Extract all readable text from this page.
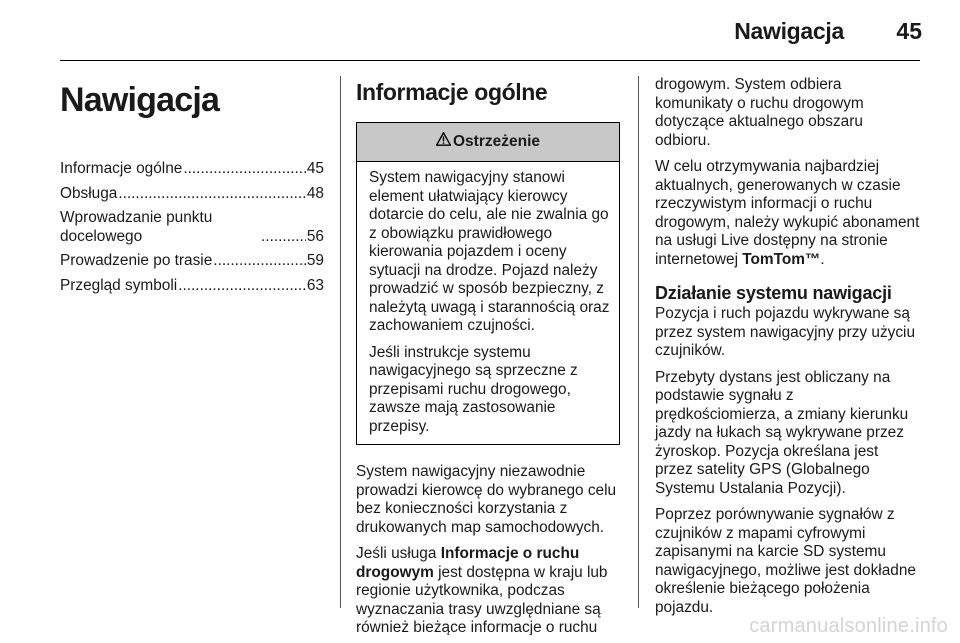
Nawigacja 45
Nawigacja
Informacje ogólne .....	45
Obsługa .....	48
Wprowadzanie punktu docelowego .....	56
Prowadzenie po trasie .....	59
Przegląd symboli .....	63
Informacje ogólne
Ostrzeżenie

System nawigacyjny stanowi element ułatwiający kierowcy dotarcie do celu, ale nie zwalnia go z obowiązku prawidłowego kierowania pojazdem i oceny sytuacji na drodze. Pojazd należy prowadzić w sposób bezpieczny, z należytą uwagą i starannością oraz zachowaniem czujności.

Jeśli instrukcje systemu nawigacyjnego są sprzeczne z przepisami ruchu drogowego, zawsze mają zastosowanie przepisy.

System nawigacyjny niezawodnie prowadzi kierowcę do wybranego celu bez konieczności korzystania z drukowanych map samochodowych.

Jeśli usługa Informacje o ruchu drogowym jest dostępna w kraju lub regionie użytkownika, podczas wyznaczania trasy uwzględniane są również bieżące informacje o ruchu

drogowym. System odbiera komunikaty o ruchu drogowym dotyczące aktualnego obszaru odbioru.

W celu otrzymywania najbardziej aktualnych, generowanych w czasie rzeczywistym informacji o ruchu drogowym, należy wykupić abonament na usługi Live dostępny na stronie internetowej TomTom™.

Działanie systemu nawigacji

Pozycja i ruch pojazdu wykrywane są przez system nawigacyjny przy użyciu czujników.

Przebyty dystans jest obliczany na podstawie sygnału z prędkościomierza, a zmiany kierunku jazdy na łukach są wykrywane przez żyroskop. Pozycja określana jest przez satelity GPS (Globalnego Systemu Ustalania Pozycji).

Poprzez porównywanie sygnałów z czujników z mapami cyfrowymi zapisanymi na karcie SD systemu nawigacyjnego, możliwe jest dokładne określenie bieżącego położenia pojazdu.

carmanualsonline.info
